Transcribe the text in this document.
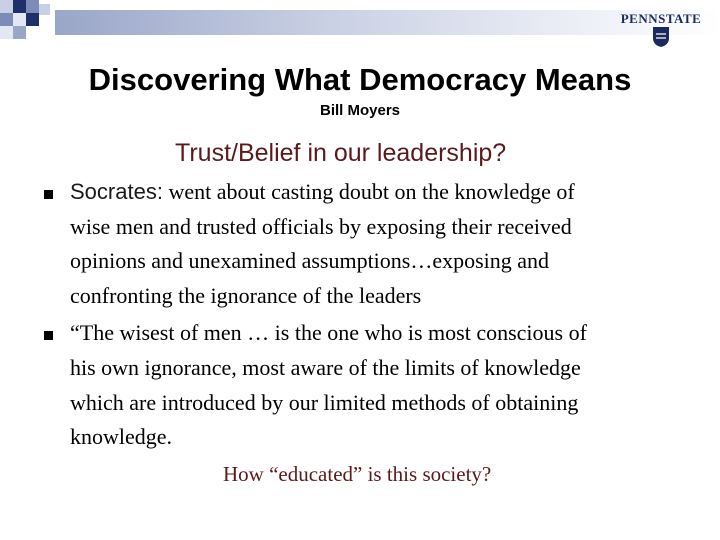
PENNSTATE
Discovering What Democracy Means

Bill Moyers

Trust/Belief in our leadership?
Socrates: went about casting doubt on the knowledge of
wise men and trusted officials by exposing their received
opinions and unexamined assumptions…exposing and
confronting the ignorance of the leaders
“The wisest of men … is the one who is most conscious of
his own ignorance, most aware of the limits of knowledge
which are introduced by our limited methods of obtaining
knowledge.
How “educated” is this society?
